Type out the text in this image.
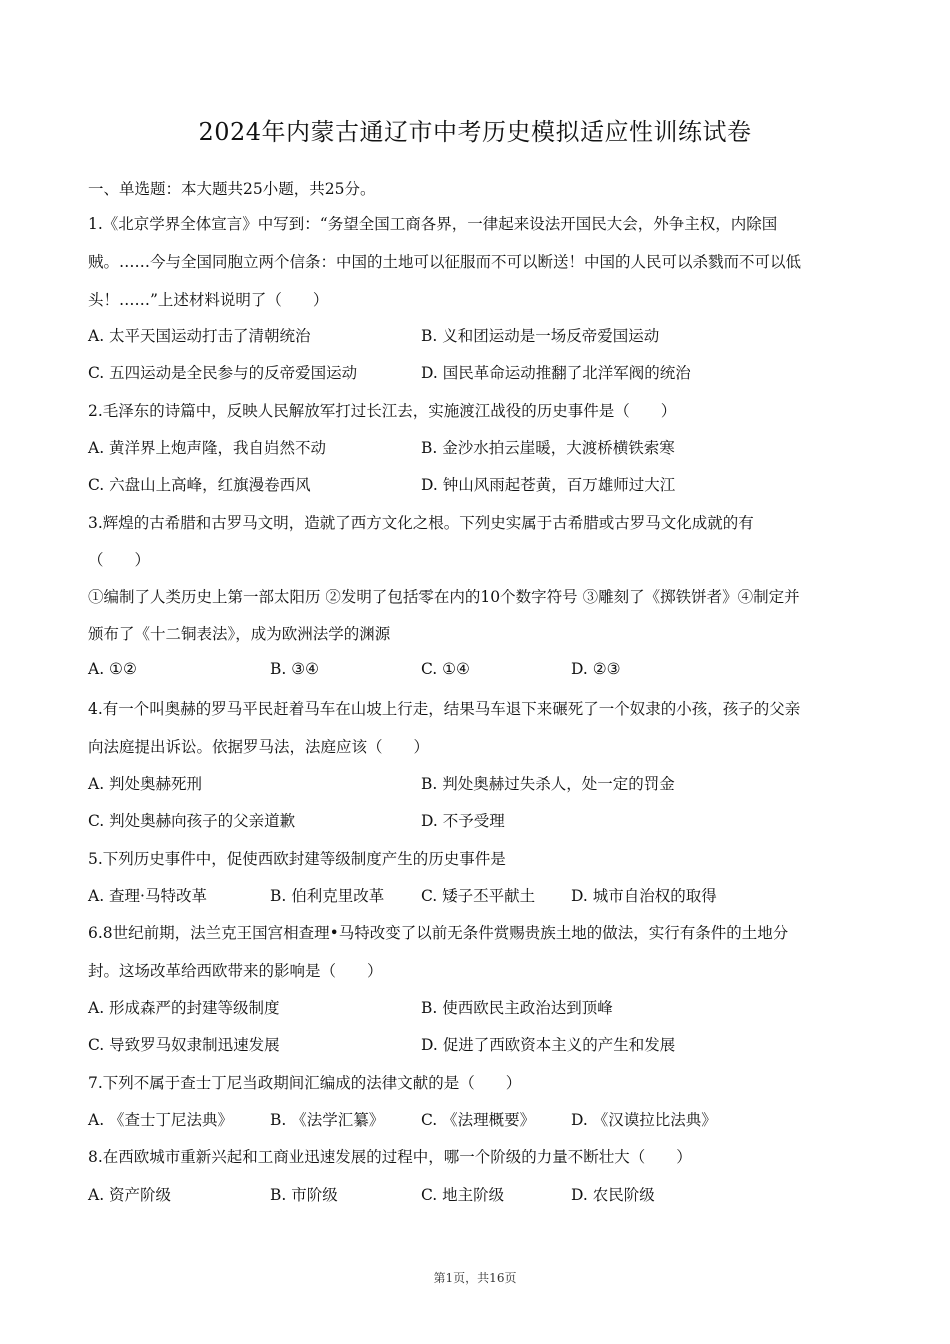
2024年内蒙古通辽市中考历史模拟适应性训练试卷
一、单选题：本大题共25小题，共25分。
1.《北京学界全体宣言》中写到：“务望全国工商各界，一律起来设法开国民大会，外争主权，内除国
贼。……今与全国同胞立两个信条：中国的土地可以征服而不可以断送！中国的人民可以杀戮而不可以低
头！……”上述材料说明了（　　）
A. 太平天国运动打击了清朝统治	B. 义和团运动是一场反帝爱国运动
C. 五四运动是全民参与的反帝爱国运动	D. 国民革命运动推翻了北洋军阀的统治
2.毛泽东的诗篇中，反映人民解放军打过长江去，实施渡江战役的历史事件是（　　）
A. 黄洋界上炮声隆，我自岿然不动	B. 金沙水拍云崖暖，大渡桥横铁索寒
C. 六盘山上高峰，红旗漫卷西风	D. 钟山风雨起苍黄，百万雄师过大江
3.辉煌的古希腊和古罗马文明，造就了西方文化之根。下列史实属于古希腊或古罗马文化成就的有
（　　）
①编制了人类历史上第一部太阳历 ②发明了包括零在内的10个数字符号 ③雕刻了《掷铁饼者》④制定并
颁布了《十二铜表法》，成为欧洲法学的渊源
A. ①②	B. ③④	C. ①④	D. ②③
4.有一个叫奥赫的罗马平民赶着马车在山坡上行走，结果马车退下来碾死了一个奴隶的小孩，孩子的父亲
向法庭提出诉讼。依据罗马法，法庭应该（　　）
A. 判处奥赫死刑	B. 判处奥赫过失杀人，处一定的罚金
C. 判处奥赫向孩子的父亲道歉	D. 不予受理
5.下列历史事件中，促使西欧封建等级制度产生的历史事件是
A. 查理·马特改革	B. 伯利克里改革 C. 矮子丕平献土 D. 城市自治权的取得
6.8世纪前期，法兰克王国宫相查理•马特改变了以前无条件赏赐贵族土地的做法，实行有条件的土地分
封。这场改革给西欧带来的影响是（　　）
A. 形成森严的封建等级制度	B. 使西欧民主政治达到顶峰
C. 导致罗马奴隶制迅速发展	D. 促进了西欧资本主义的产生和发展
7.下列不属于查士丁尼当政期间汇编成的法律文献的是（　　）
A. 《查士丁尼法典》 B. 《法学汇纂》 C. 《法理概要》 D. 《汉谟拉比法典》
8.在西欧城市重新兴起和工商业迅速发展的过程中，哪一个阶级的力量不断壮大（　　）
A. 资产阶级	B. 市阶级	C. 地主阶级	D. 农民阶级
第1页，共16页
